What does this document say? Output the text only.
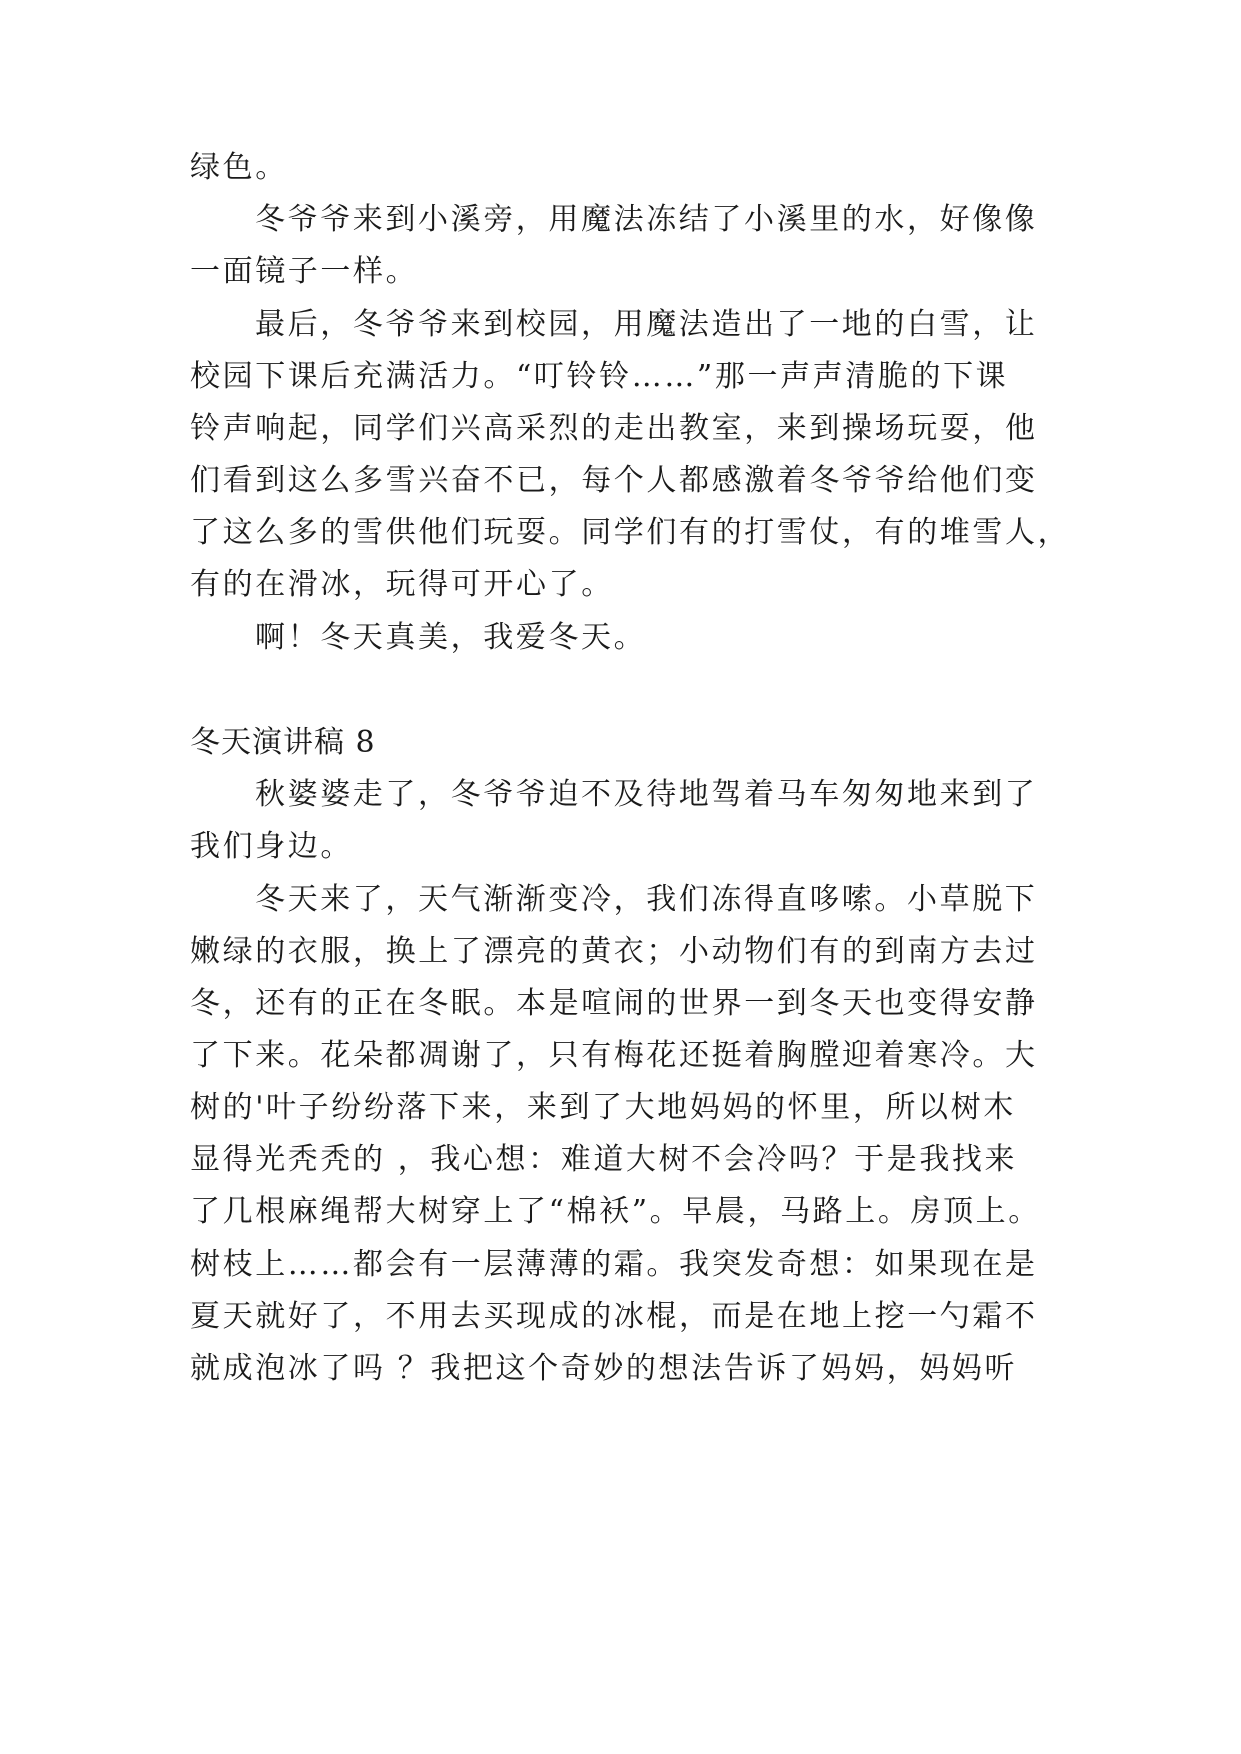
绿色。
冬爷爷来到小溪旁，用魔法冻结了小溪里的水，好像像
一面镜子一样。
最后，冬爷爷来到校园，用魔法造出了一地的白雪，让
校园下课后充满活力。“叮铃铃……”那一声声清脆的下课
铃声响起，同学们兴高采烈的走出教室，来到操场玩耍，他
们看到这么多雪兴奋不已，每个人都感激着冬爷爷给他们变
了这么多的雪供他们玩耍。同学们有的打雪仗，有的堆雪人，
有的在滑冰，玩得可开心了。
啊！冬天真美，我爱冬天。
冬天演讲稿 8
秋婆婆走了，冬爷爷迫不及待地驾着马车匆匆地来到了
我们身边。
冬天来了，天气渐渐变冷，我们冻得直哆嗦。小草脱下
嫩绿的衣服，换上了漂亮的黄衣；小动物们有的到南方去过
冬，还有的正在冬眠。本是喧闹的世界一到冬天也变得安静
了下来。花朵都凋谢了，只有梅花还挺着胸膛迎着寒冷。大
树的'叶子纷纷落下来，来到了大地妈妈的怀里，所以树木
显得光秃秃的 ，我心想：难道大树不会冷吗？于是我找来
了几根麻绳帮大树穿上了“棉袄”。早晨，马路上。房顶上。
树枝上……都会有一层薄薄的霜。我突发奇想：如果现在是
夏天就好了，不用去买现成的冰棍，而是在地上挖一勺霜不
就成泡冰了吗 ？我把这个奇妙的想法告诉了妈妈，妈妈听
